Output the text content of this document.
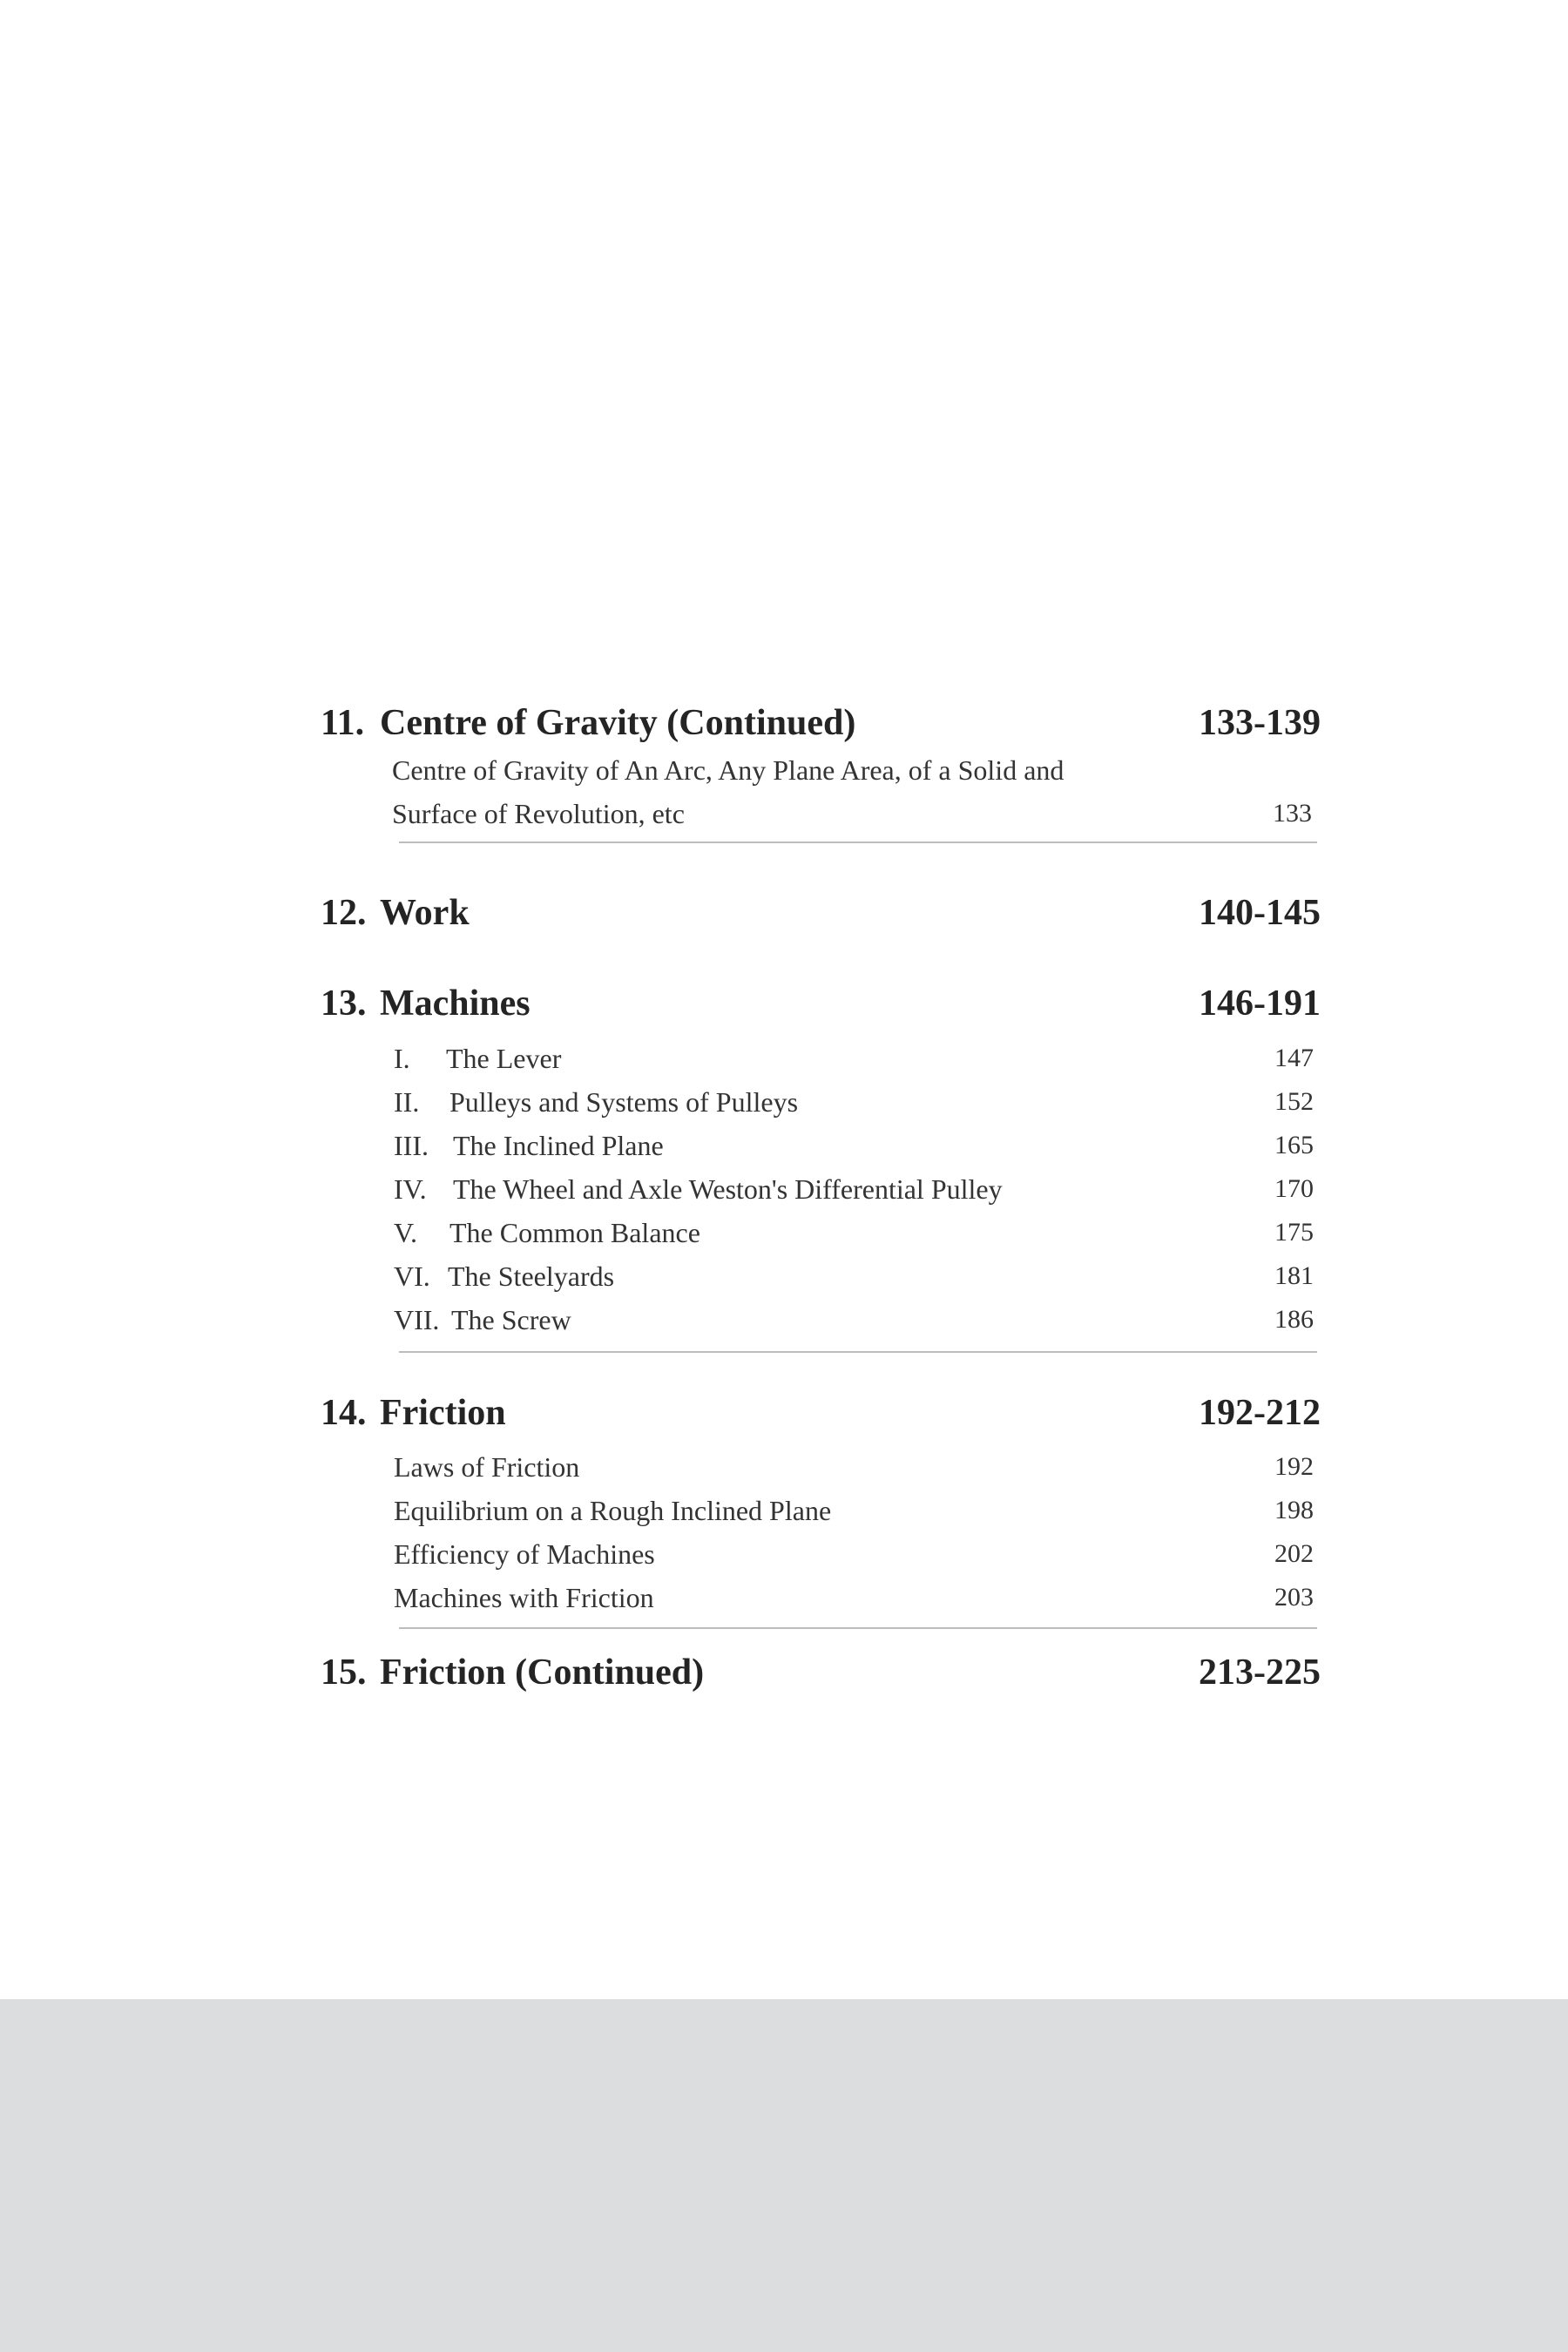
11. Centre of Gravity (Continued)	133-139
Centre of Gravity of An Arc, Any Plane Area, of a Solid and
Surface of Revolution, etc	133
12. Work	140-145
13. Machines	146-191
I. The Lever	147
II. Pulleys and Systems of Pulleys	152
III. The Inclined Plane	165
IV. The Wheel and Axle Weston's Differential Pulley	170
V. The Common Balance	175
VI. The Steelyards	181
VII. The Screw	186
14. Friction	192-212
Laws of Friction	192
Equilibrium on a Rough Inclined Plane	198
Efficiency of Machines	202
Machines with Friction	203
15. Friction (Continued)	213-225
